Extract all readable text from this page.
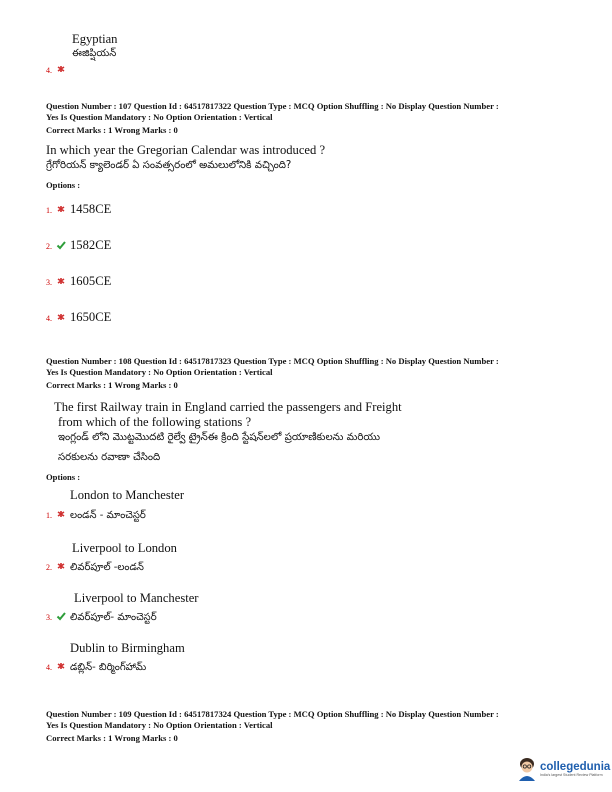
Egyptian
ఈజిప్షియన్
4.
Question Number : 107 Question Id : 64517817322 Question Type : MCQ Option Shuffling : No Display Question Number :
Yes Is Question Mandatory : No Option Orientation : Vertical
Correct Marks : 1 Wrong Marks : 0
In which year the Gregorian Calendar was introduced ?
గ్రేగోరియన్ క్యాలెండర్ ఏ సంవత్సరంలో అమలులోనికి వచ్చింది?
Options :
1. 1458CE
2. 1582CE
3. 1605CE
4. 1650CE
Question Number : 108 Question Id : 64517817323 Question Type : MCQ Option Shuffling : No Display Question Number :
Yes Is Question Mandatory : No Option Orientation : Vertical
Correct Marks : 1 Wrong Marks : 0
The first Railway train in England carried the passengers and Freight
from which of the following stations ?
ఇంగ్లండ్ లోని మొట్టమొదటి రైల్వే ట్రైన్ఈ క్రింది స్టేషన్‌లలో ప్రయాణికులను మరియు
సరకులను రవాణా చేసింది
Options :
London to Manchester
1. లండన్ - మాంచెస్టర్
Liverpool to London
2. లివర్‌పూల్ -లండన్
Liverpool to Manchester
3. లివర్‌పూల్- మాంచెస్టర్
Dublin to Birmingham
4. డబ్లిన్- బిర్మింగ్‌హామ్
Question Number : 109 Question Id : 64517817324 Question Type : MCQ Option Shuffling : No Display Question Number :
Yes Is Question Mandatory : No Option Orientation : Vertical
Correct Marks : 1 Wrong Marks : 0
collegedunia
India's largest Student Review Platform
